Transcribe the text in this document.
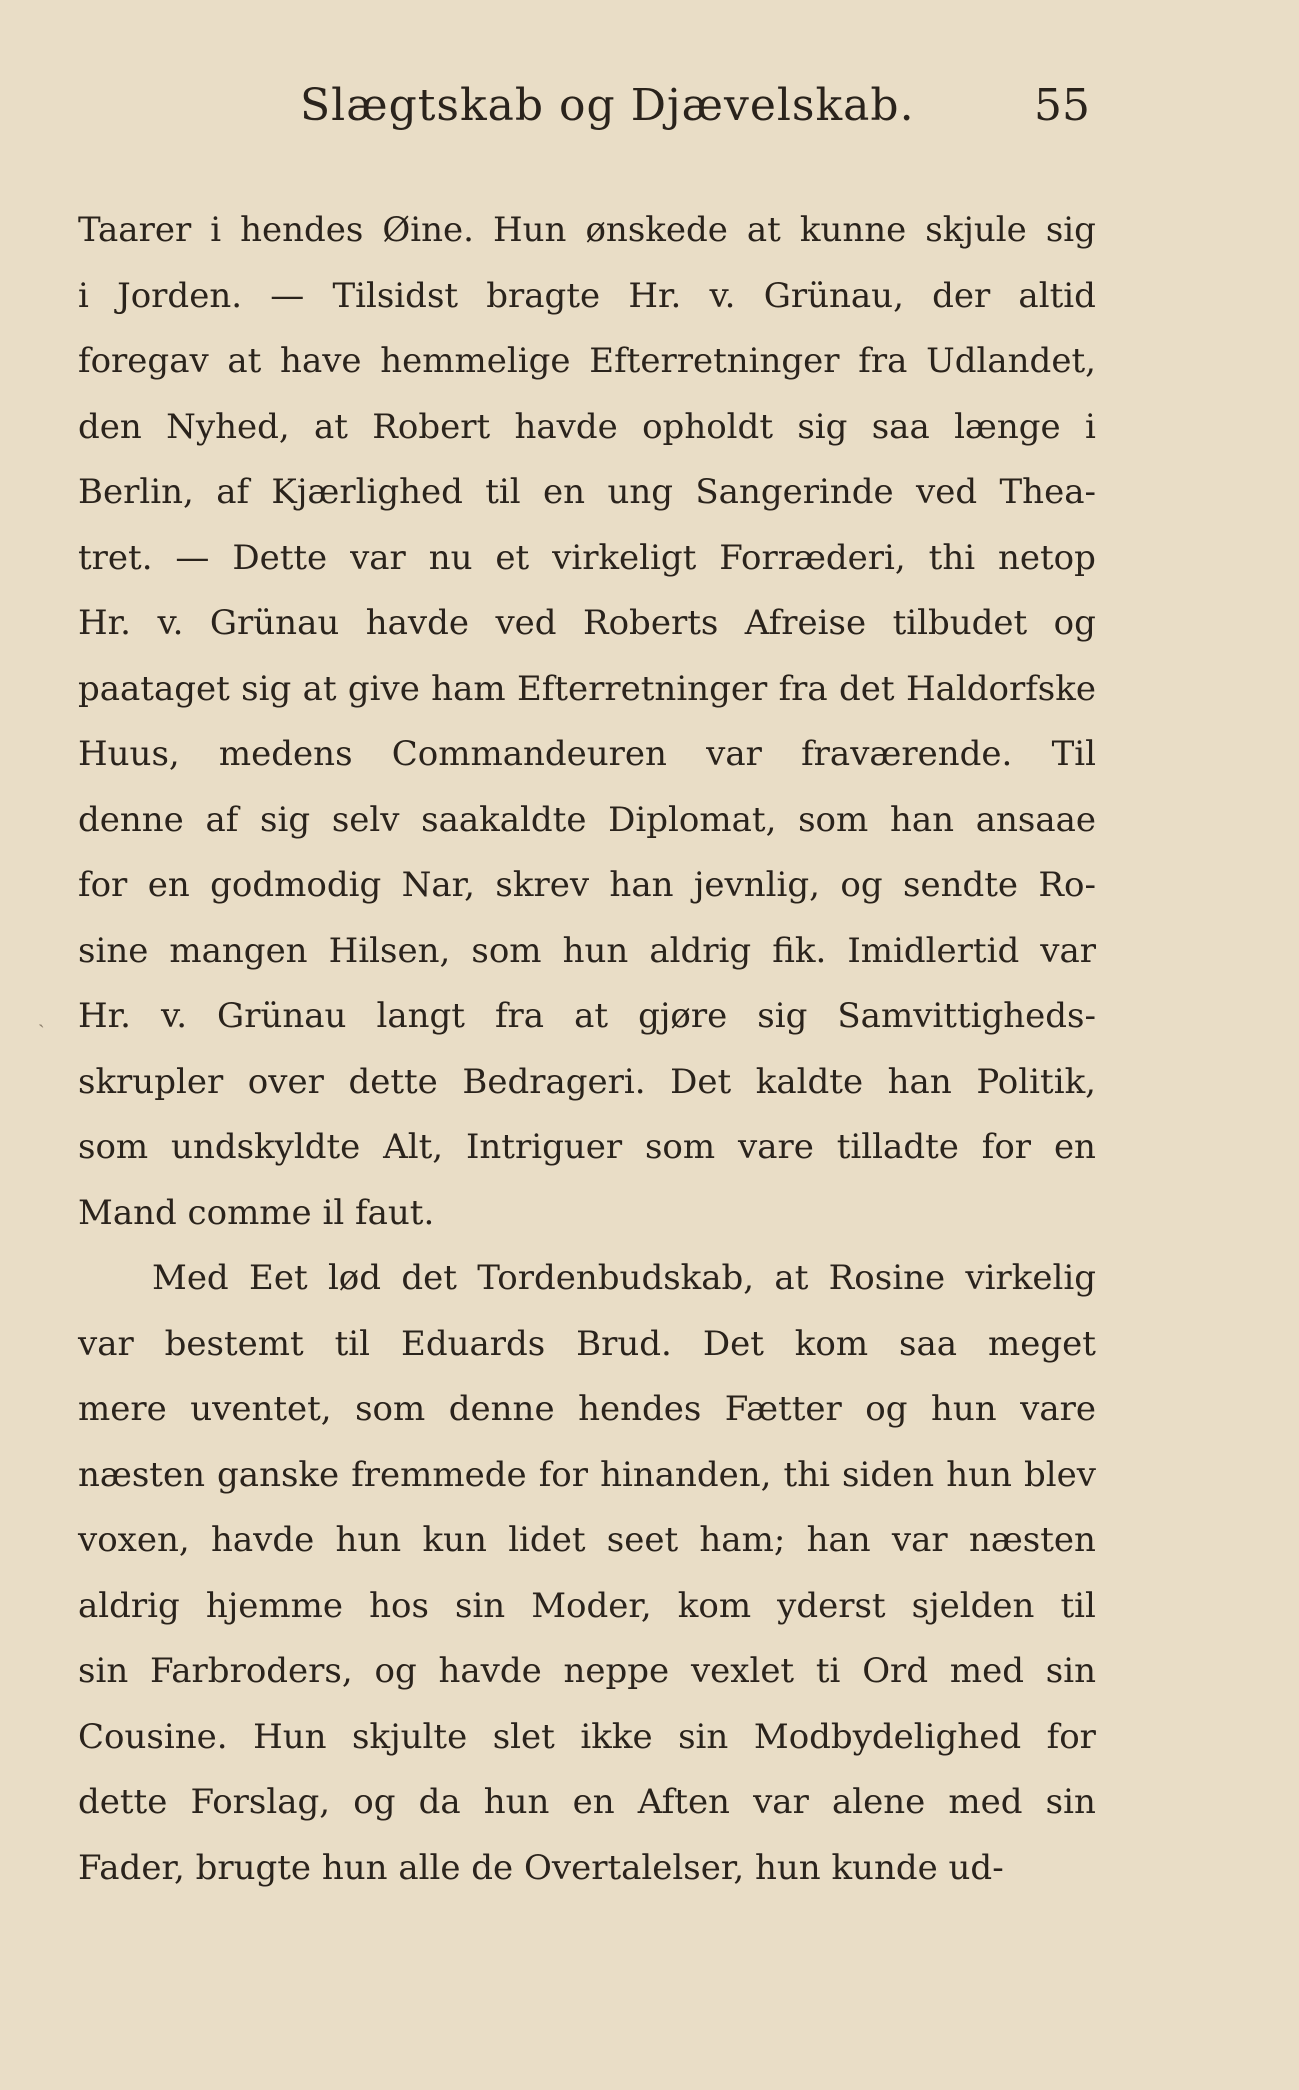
Slægtskab og Djævelskab.	55
ˏ
Taarer i hendes Øine. Hun ønskede at kunne skjule sig
i Jorden. — Tilsidst bragte Hr. v. Grünau, der altid
foregav at have hemmelige Efterretninger fra Udlandet,
den Nyhed, at Robert havde opholdt sig saa længe i
Berlin, af Kjærlighed til en ung Sangerinde ved Thea-
tret. — Dette var nu et virkeligt Forræderi, thi netop
Hr. v. Grünau havde ved Roberts Afreise tilbudet og
paataget sig at give ham Efterretninger fra det Haldorfske
Huus, medens Commandeuren var fraværende. Til
denne af sig selv saakaldte Diplomat, som han ansaae
for en godmodig Nar, skrev han jevnlig, og sendte Ro-
sine mangen Hilsen, som hun aldrig fik. Imidlertid var
Hr. v. Grünau langt fra at gjøre sig Samvittigheds-
skrupler over dette Bedrageri. Det kaldte han Politik,
som undskyldte Alt, Intriguer som vare tilladte for en
Mand comme il faut.
Med Eet lød det Tordenbudskab, at Rosine virkelig
var bestemt til Eduards Brud. Det kom saa meget
mere uventet, som denne hendes Fætter og hun vare
næsten ganske fremmede for hinanden, thi siden hun blev
voxen, havde hun kun lidet seet ham; han var næsten
aldrig hjemme hos sin Moder, kom yderst sjelden til
sin Farbroders, og havde neppe vexlet ti Ord med sin
Cousine. Hun skjulte slet ikke sin Modbydelighed for
dette Forslag, og da hun en Aften var alene med sin
Fader, brugte hun alle de Overtalelser, hun kunde ud-
